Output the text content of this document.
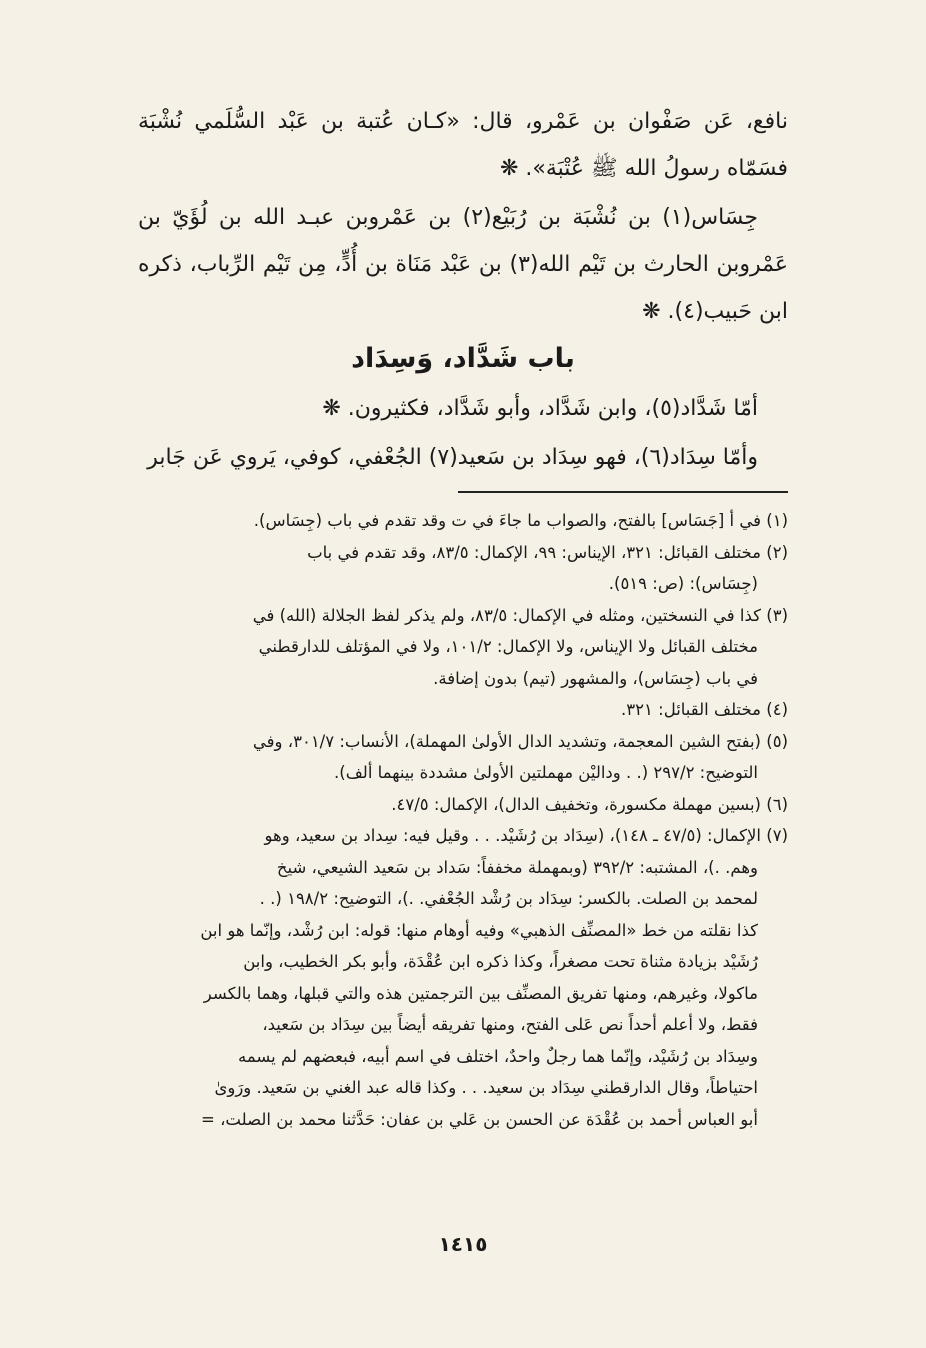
نافع، عَن صَفْوان بن عَمْرو، قال: «كـان عُتبة بن عَبْد السُّلَمي نُشْبَة فسَمّاه رسولُ الله ﷺ عُتْبَة». ❋

جِسَاس(١) بن نُشْبَة بن رُبَيْع(٢) بن عَمْروبن عبـد الله بن لُؤَيّ بن عَمْروبن الحارث بن تَيْم الله(٣) بن عَبْد مَنَاة بن أُدٍّ، مِن تَيْم الرِّباب، ذكره ابن حَبيب(٤). ❋

باب شَدَّاد، وَسِدَاد

أمّا شَدَّاد(٥)، وابن شَدَّاد، وأبو شَدَّاد، فكثيرون. ❋

وأمّا سِدَاد(٦)، فهو سِدَاد بن سَعيد(٧) الجُعْفي، كوفي، يَروي عَن جَابر

(١) في أ [جَسَاس] بالفتح، والصواب ما جاءَ في ت وقد تقدم في باب (جِسَاس).

(٢) مختلف القبائل: ٣٢١، الإيناس: ٩٩، الإكمال: ٨٣/٥، وقد تقدم في باب

(جِسَاس): (ص: ٥١٩).

(٣) كذا في النسختين، ومثله في الإكمال: ٨٣/٥، ولم يذكر لفظ الجلالة (الله) في

مختلف القبائل ولا الإيناس، ولا الإكمال: ١٠١/٢، ولا في المؤتلف للدارقطني

في باب (جِسَاس)، والمشهور (تيم) بدون إضافة.

(٤) مختلف القبائل: ٣٢١.

(٥) (بفتح الشين المعجمة، وتشديد الدال الأولىٰ المهملة)، الأنساب: ٣٠١/٧، وفي

التوضيح: ٢٩٧/٢ (. . وداليْن مهملتين الأولىٰ مشددة بينهما ألف).

(٦) (بسين مهملة مكسورة، وتخفيف الدال)، الإكمال: ٤٧/٥.

(٧) الإكمال: (٤٧/٥ ـ ١٤٨)، (سِدَاد بن رُشَيْد. . . وقيل فيه: سِداد بن سعيد، وهو

وهم. .)، المشتبه: ٣٩٢/٢ (وبمهملة مخففاً: سَداد بن سَعيد الشيعي، شيخ

لمحمد بن الصلت. بالكسر: سِدَاد بن رُشْد الجُعْفي. .)، التوضيح: ١٩٨/٢ (. .

كذا نقلته من خط «المصنِّف الذهبي» وفيه أوهام منها: قوله: ابن رُشْد، وإنّما هو ابن

رُشَيْد بزيادة مثناة تحت مصغراً، وكذا ذكره ابن عُقْدَة، وأبو بكر الخطيب، وابن

ماكولا، وغيرهم، ومنها تفريق المصنِّف بين الترجمتين هذه والتي قبلها، وهما بالكسر

فقط، ولا أعلم أحداً نص عَلى الفتح، ومنها تفريقه أيضاً بين سِدَاد بن سَعيد،

وسِدَاد بن رُشَيْد، وإنّما هما رجلٌ واحدٌ، اختلف في اسم أبيه، فبعضهم لم يسمه

احتياطاً، وقال الدارقطني سِدَاد بن سعيد. . . وكذا قاله عبد الغني بن سَعيد. ورَوىٰ

أبو العباس أحمد بن عُقْدَة عن الحسن بن عَلي بن عفان: حَدَّثنا محمد بن الصلت، =

١٤١٥
